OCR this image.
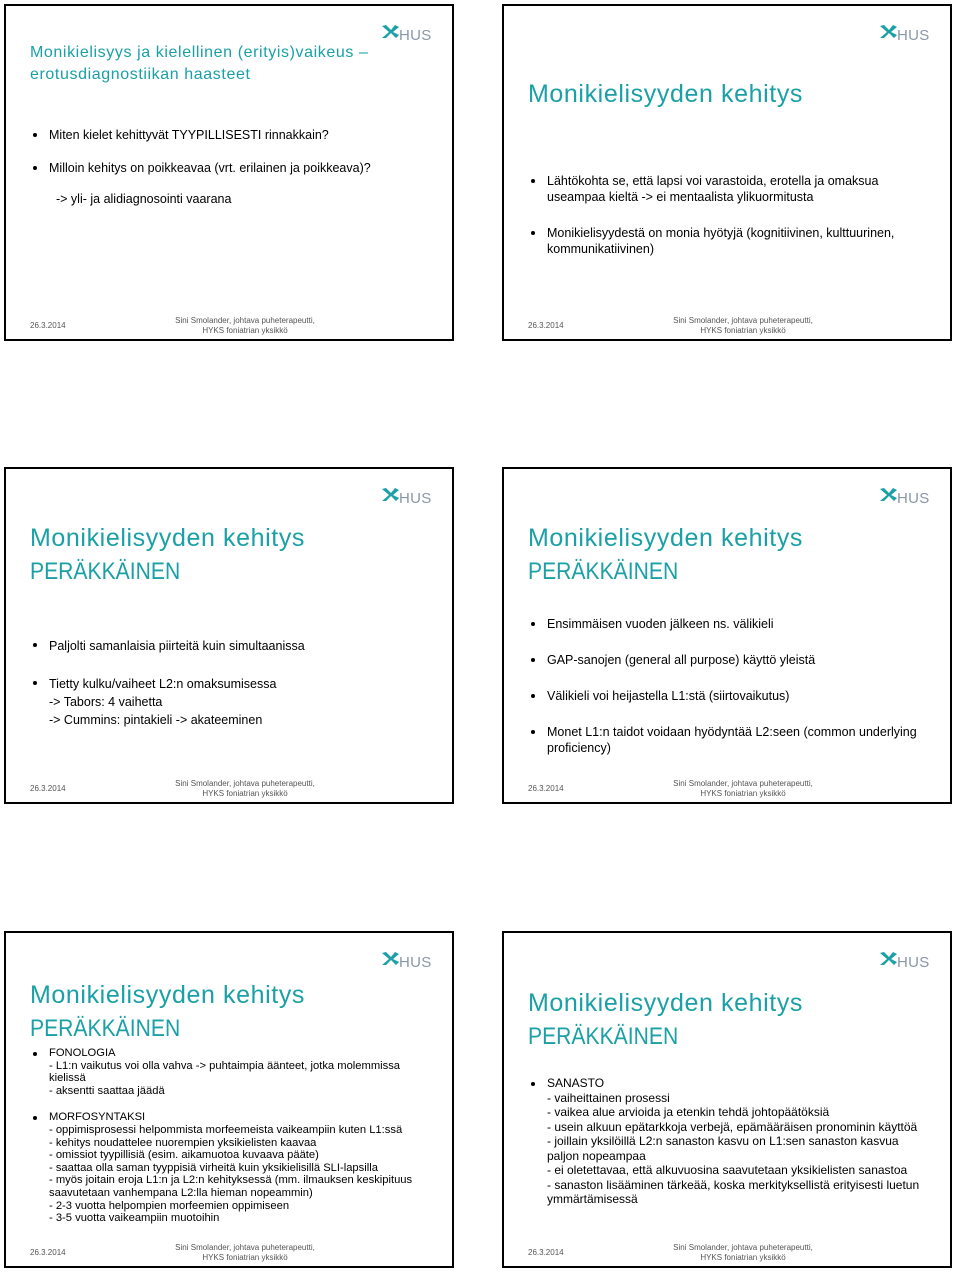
HUS
Monikielisyys ja kielellinen (erityis)vaikeus –
erotusdiagnostiikan haasteet
Miten kielet kehittyvät TYYPILLISESTI rinnakkain?
Milloin kehitys on poikkeavaa (vrt. erilainen ja poikkeava)?
-> yli- ja alidiagnosointi vaarana
26.3.2014
Sini Smolander, johtava puheterapeutti,
HYKS foniatrian yksikkö
HUS
Monikielisyyden kehitys
Lähtökohta se, että lapsi voi varastoida, erotella ja omaksua useampaa kieltä -> ei mentaalista ylikuormitusta
Monikielisyydestä on monia hyötyjä (kognitiivinen, kulttuurinen, kommunikatiivinen)
26.3.2014
Sini Smolander, johtava puheterapeutti,
HYKS foniatrian yksikkö
HUS
Monikielisyyden kehitys
PERÄKKÄINEN
Paljolti samanlaisia piirteitä kuin simultaanissa
Tietty kulku/vaiheet L2:n omaksumisessa
-> Tabors: 4 vaihetta
-> Cummins: pintakieli -> akateeminen
26.3.2014
Sini Smolander, johtava puheterapeutti,
HYKS foniatrian yksikkö
HUS
Monikielisyyden kehitys
PERÄKKÄINEN
Ensimmäisen vuoden jälkeen ns. välikieli
GAP-sanojen (general all purpose) käyttö yleistä
Välikieli voi heijastella L1:stä (siirtovaikutus)
Monet L1:n taidot voidaan hyödyntää L2:seen (common underlying proficiency)
26.3.2014
Sini Smolander, johtava puheterapeutti,
HYKS foniatrian yksikkö
HUS
Monikielisyyden kehitys
PERÄKKÄINEN
FONOLOGIA
- L1:n vaikutus voi olla vahva -> puhtaimpia äänteet, jotka molemmissa kielissä
- aksentti saattaa jäädä
MORFOSYNTAKSI
- oppimisprosessi helpommista morfeemeista vaikeampiin kuten L1:ssä
- kehitys noudattelee nuorempien yksikielisten kaavaa
- omissiot tyypillisiä (esim. aikamuotoa kuvaava pääte)
- saattaa olla saman tyyppisiä virheitä kuin yksikielisillä SLI-lapsilla
- myös joitain eroja L1:n ja L2:n kehityksessä (mm. ilmauksen keskipituus saavutetaan vanhempana L2:lla hieman nopeammin)
- 2-3 vuotta helpompien morfeemien oppimiseen
- 3-5 vuotta vaikeampiin muotoihin
26.3.2014
Sini Smolander, johtava puheterapeutti,
HYKS foniatrian yksikkö
HUS
Monikielisyyden kehitys
PERÄKKÄINEN
SANASTO
- vaiheittainen prosessi
- vaikea alue arvioida ja etenkin tehdä johtopäätöksiä
- usein alkuun epätarkkoja verbejä, epämääräisen pronominin käyttöä
- joillain yksilöillä L2:n sanaston kasvu on L1:sen sanaston kasvua paljon nopeampaa
- ei oletettavaa, että alkuvuosina saavutetaan yksikielisten sanastoa
- sanaston lisääminen tärkeää, koska merkityksellistä erityisesti luetun ymmärtämisessä
26.3.2014
Sini Smolander, johtava puheterapeutti,
HYKS foniatrian yksikkö
